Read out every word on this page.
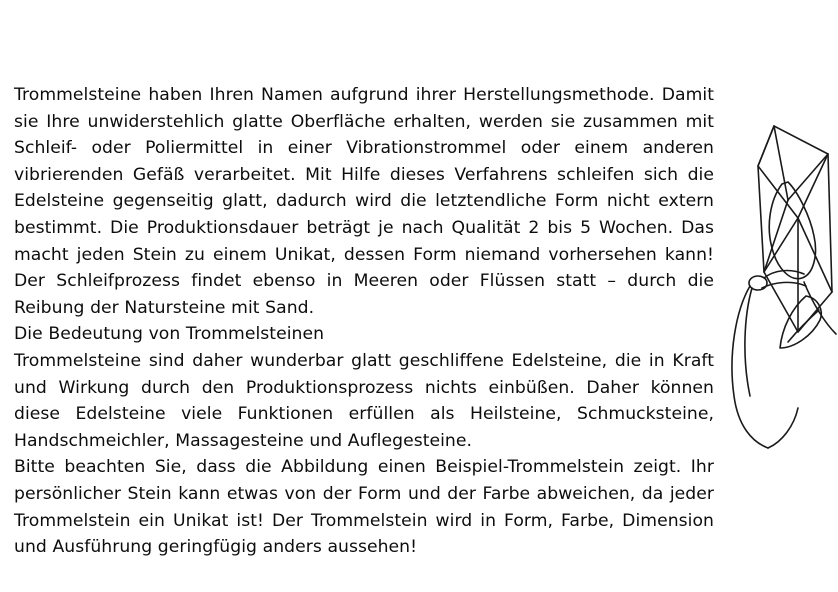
Trommelsteine haben Ihren Namen aufgrund ihrer Herstellungsmethode. Damit sie Ihre unwiderstehlich glatte Oberfläche erhalten, werden sie zusammen mit Schleif- oder Poliermittel in einer Vibrationstrommel oder einem anderen vibrierenden Gefäß verarbeitet. Mit Hilfe dieses Verfahrens schleifen sich die Edelsteine gegenseitig glatt, dadurch wird die letztendliche Form nicht extern bestimmt. Die Produktionsdauer beträgt je nach Qualität 2 bis 5 Wochen. Das macht jeden Stein zu einem Unikat, dessen Form niemand vorhersehen kann! Der Schleifprozess findet ebenso in Meeren oder Flüssen statt – durch die Reibung der Natursteine mit Sand.

Die Bedeutung von Trommelsteinen

Trommelsteine sind daher wunderbar glatt geschliffene Edelsteine, die in Kraft und Wirkung durch den Produktionsprozess nichts einbüßen. Daher können diese Edelsteine viele Funktionen erfüllen als Heilsteine, Schmucksteine, Handschmeichler, Massagesteine und Auflegesteine.

Bitte beachten Sie, dass die Abbildung einen Beispiel-Trommelstein zeigt. Ihr persönlicher Stein kann etwas von der Form und der Farbe abweichen, da jeder Trommelstein ein Unikat ist! Der Trommelstein wird in Form, Farbe, Dimension und Ausführung geringfügig anders aussehen!
